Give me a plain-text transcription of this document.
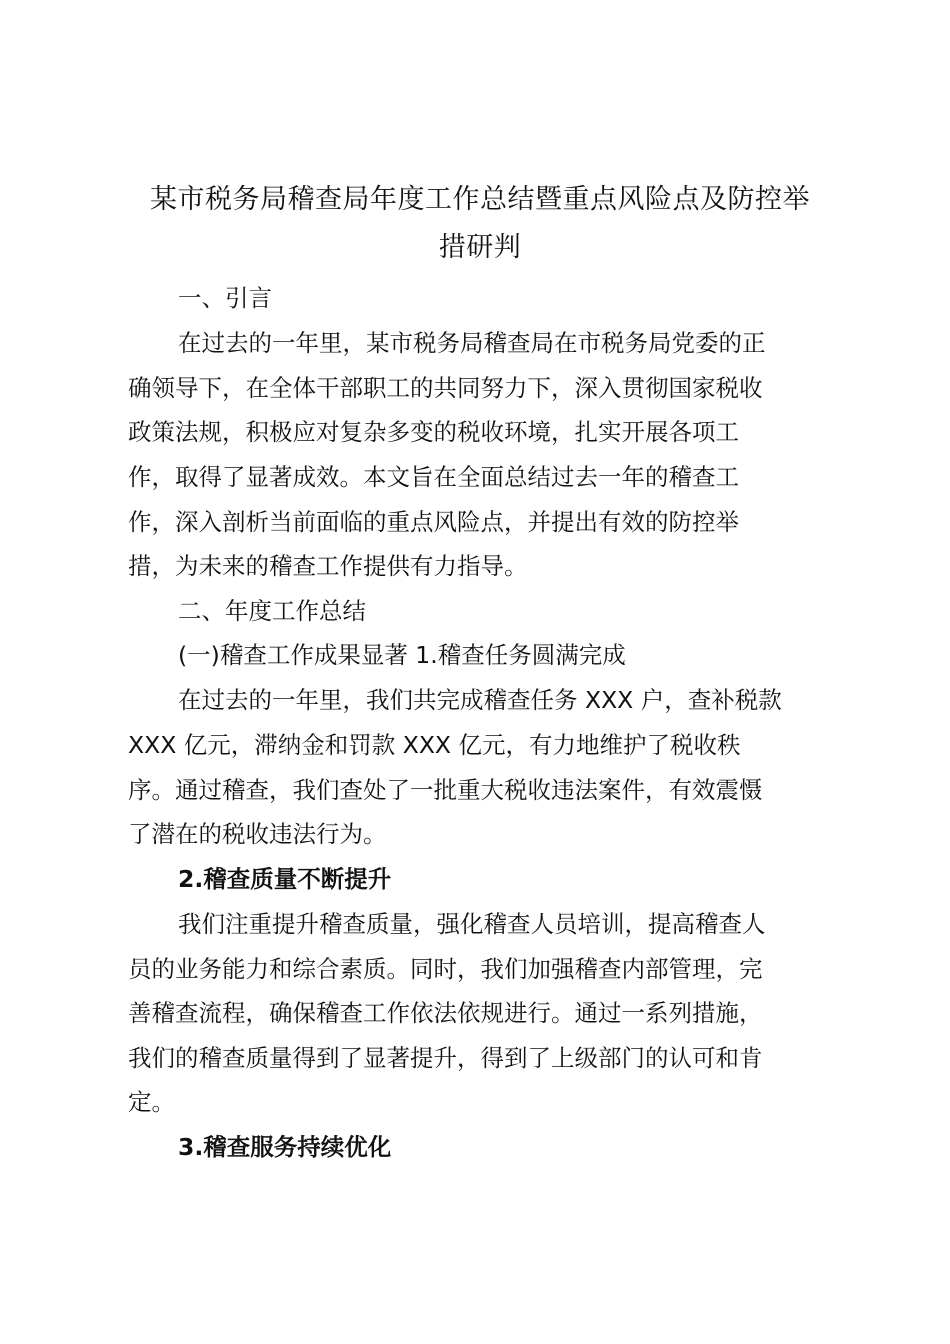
某市税务局稽查局年度工作总结暨重点风险点及防控举
措研判

一、引言

在过去的一年里，某市税务局稽查局在市税务局党委的正

确领导下，在全体干部职工的共同努力下，深入贯彻国家税收

政策法规，积极应对复杂多变的税收环境，扎实开展各项工

作，取得了显著成效。本文旨在全面总结过去一年的稽查工

作，深入剖析当前面临的重点风险点，并提出有效的防控举

措，为未来的稽查工作提供有力指导。

二、年度工作总结

(一)稽查工作成果显著 1.稽查任务圆满完成

在过去的一年里，我们共完成稽查任务 XXX 户，查补税款

XXX 亿元，滞纳金和罚款 XXX 亿元，有力地维护了税收秩

序。通过稽查，我们查处了一批重大税收违法案件，有效震慑

了潜在的税收违法行为。

2.稽查质量不断提升

我们注重提升稽查质量，强化稽查人员培训，提高稽查人

员的业务能力和综合素质。同时，我们加强稽查内部管理，完

善稽查流程，确保稽查工作依法依规进行。通过一系列措施，

我们的稽查质量得到了显著提升，得到了上级部门的认可和肯

定。

3.稽查服务持续优化
